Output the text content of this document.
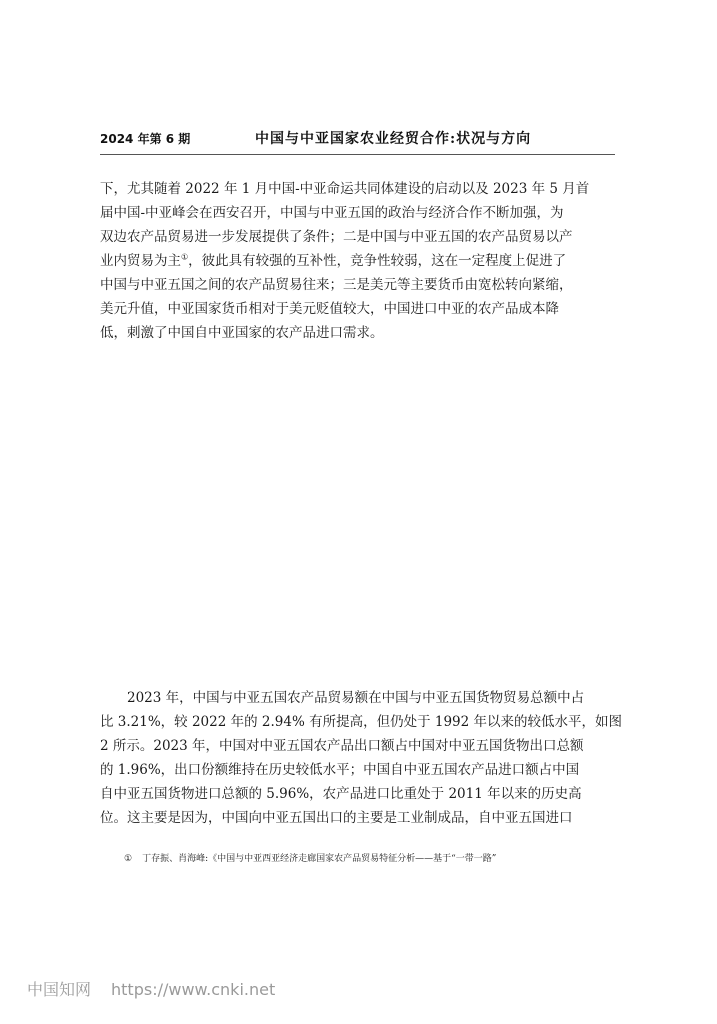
2024 年第 6 期	中国与中亚国家农业经贸合作:状况与方向
下，尤其随着 2022 年 1 月中国-中亚命运共同体建设的启动以及 2023 年 5 月首
届中国-中亚峰会在西安召开，中国与中亚五国的政治与经济合作不断加强，为
双边农产品贸易进一步发展提供了条件；二是中国与中亚五国的农产品贸易以产
业内贸易为主①，彼此具有较强的互补性，竞争性较弱，这在一定程度上促进了
中国与中亚五国之间的农产品贸易往来；三是美元等主要货币由宽松转向紧缩，
美元升值，中亚国家货币相对于美元贬值较大，中国进口中亚的农产品成本降
低，刺激了中国自中亚国家的农产品进口需求。
2023 年，中国与中亚五国农产品贸易额在中国与中亚五国货物贸易总额中占
比 3.21%，较 2022 年的 2.94% 有所提高，但仍处于 1992 年以来的较低水平，如图
2 所示。2023 年，中国对中亚五国农产品出口额占中国对中亚五国货物出口总额
的 1.96%，出口份额维持在历史较低水平；中国自中亚五国农产品进口额占中国
自中亚五国货物进口总额的 5.96%，农产品进口比重处于 2011 年以来的历史高
位。这主要是因为，中国向中亚五国出口的主要是工业制成品，自中亚五国进口
① 丁存振、肖海峰:《中国与中亚西亚经济走廊国家农产品贸易特征分析——基于“一带一路”
中国知网 https://www.cnki.net
